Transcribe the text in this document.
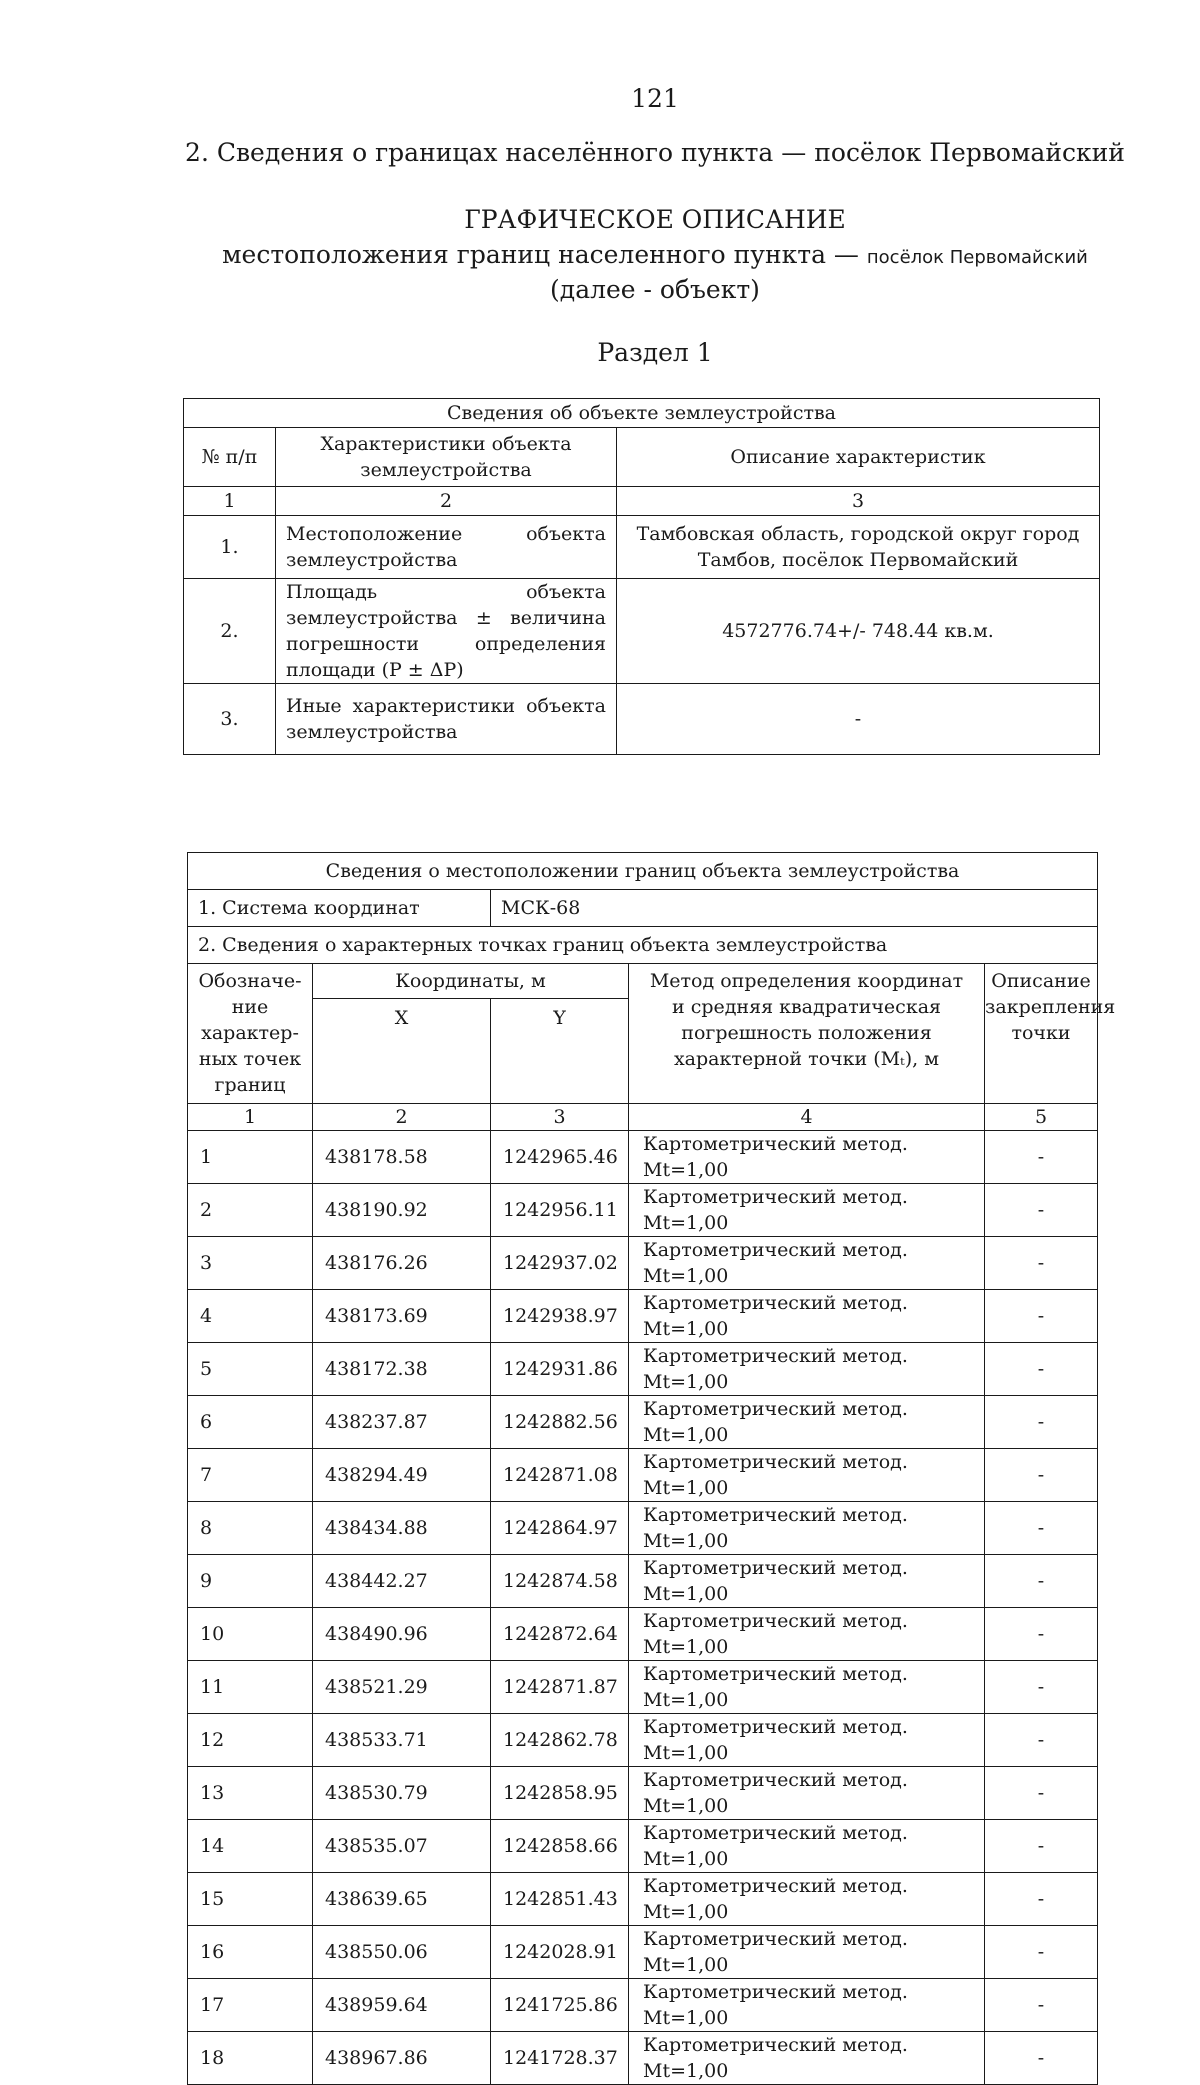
121
2. Сведения о границах населённого пункта — посёлок Первомайский
ГРАФИЧЕСКОЕ ОПИСАНИЕ
местоположения границ населенного пункта — посёлок Первомайский
(далее - объект)
Раздел 1
Сведения об объекте землеустройства		
№ п/п	Характеристики объекта землеустройства	Описание характеристик
1	2	3
1.	Местоположение объекта землеустройства	Тамбовская область, городской округ город Тамбов, посёлок Первомайский
2.	Площадь объекта землеустройства ± величина погрешности определения площади (P ± ΔP)	4572776.74+/- 748.44 кв.м.
3.	Иные характеристики объекта землеустройства	-
Сведения о местоположении границ объекта землеустройства				
1. Система координат		МСК-68		
2. Сведения о характерных точках границ объекта землеустройства				
Обозначе-ние характер-ных точек границ	Координаты, м		Метод определения координат и средняя квадратическая погрешность положения характерной точки (Mₜ), м	Описание закрепления точки
	X	Y		
1	2	3	4	5
1	438178.58	1242965.46	Картометрический метод. Mt=1,00	-
2	438190.92	1242956.11	Картометрический метод. Mt=1,00	-
3	438176.26	1242937.02	Картометрический метод. Mt=1,00	-
4	438173.69	1242938.97	Картометрический метод. Mt=1,00	-
5	438172.38	1242931.86	Картометрический метод. Mt=1,00	-
6	438237.87	1242882.56	Картометрический метод. Mt=1,00	-
7	438294.49	1242871.08	Картометрический метод. Mt=1,00	-
8	438434.88	1242864.97	Картометрический метод. Mt=1,00	-
9	438442.27	1242874.58	Картометрический метод. Mt=1,00	-
10	438490.96	1242872.64	Картометрический метод. Mt=1,00	-
11	438521.29	1242871.87	Картометрический метод. Mt=1,00	-
12	438533.71	1242862.78	Картометрический метод. Mt=1,00	-
13	438530.79	1242858.95	Картометрический метод. Mt=1,00	-
14	438535.07	1242858.66	Картометрический метод. Mt=1,00	-
15	438639.65	1242851.43	Картометрический метод. Mt=1,00	-
16	438550.06	1242028.91	Картометрический метод. Mt=1,00	-
17	438959.64	1241725.86	Картометрический метод. Mt=1,00	-
18	438967.86	1241728.37	Картометрический метод. Mt=1,00	-
